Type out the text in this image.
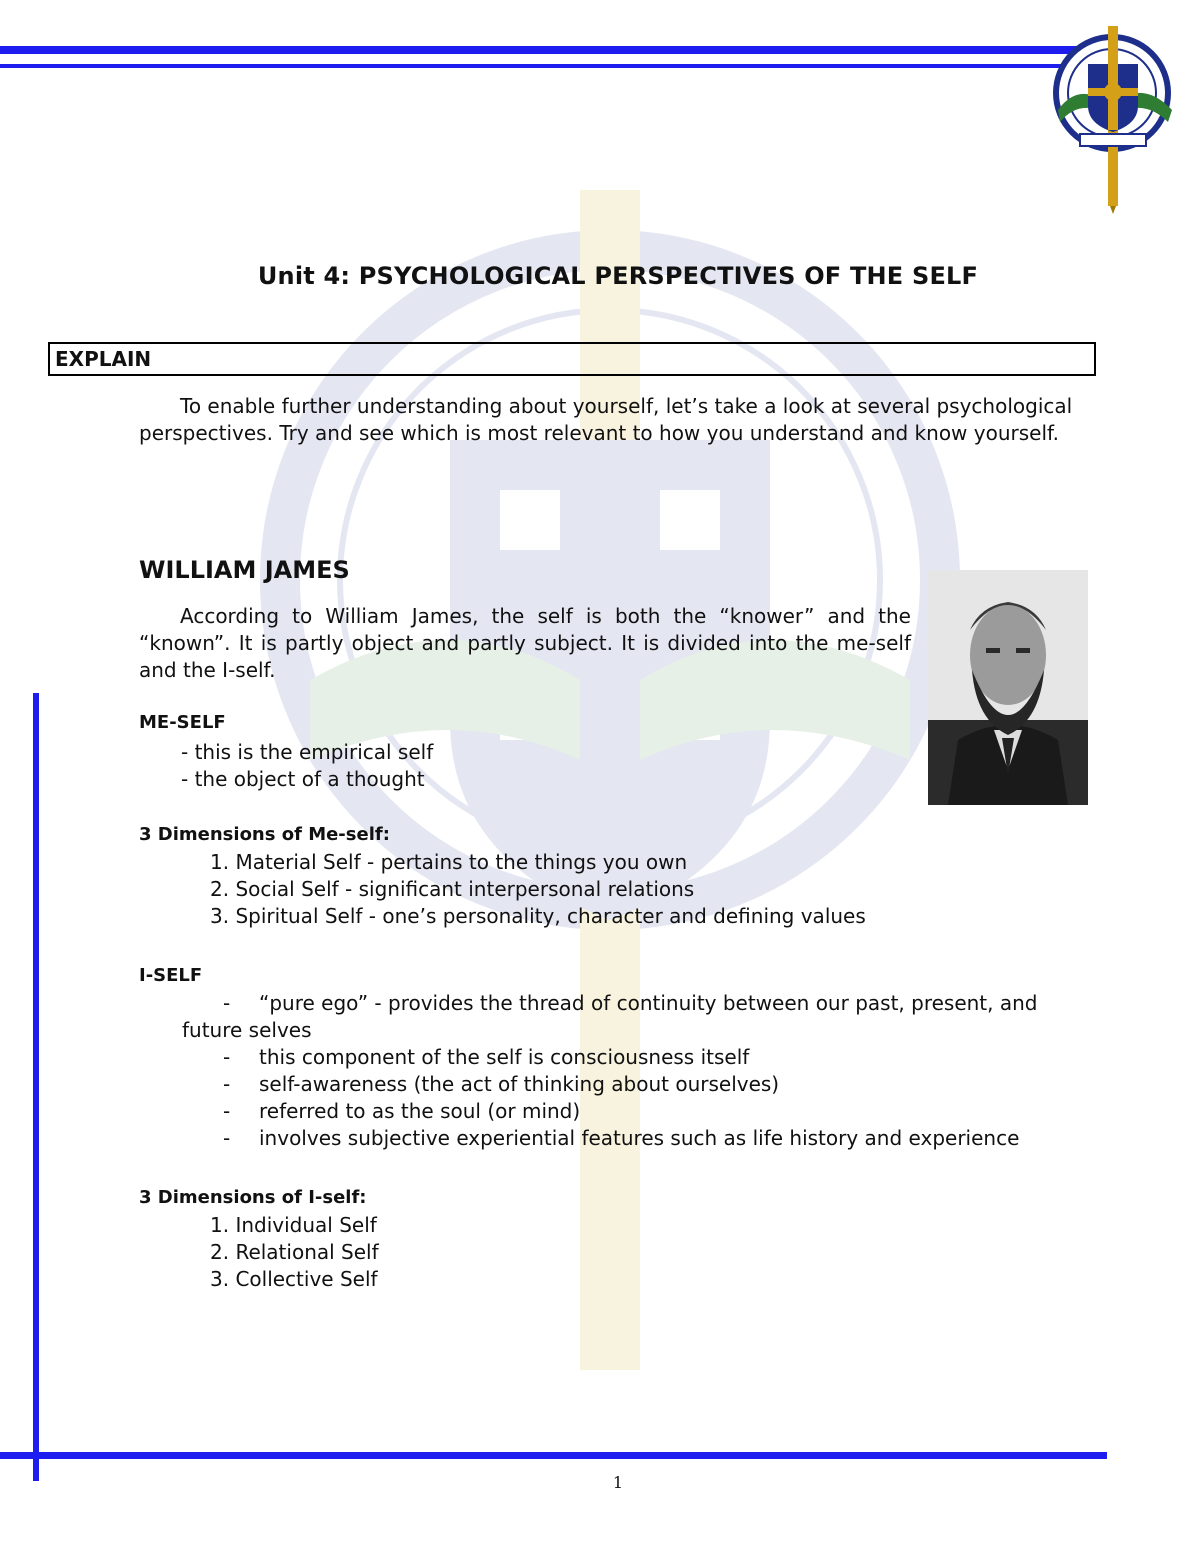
Unit 4: PSYCHOLOGICAL PERSPECTIVES OF THE SELF
EXPLAIN

To enable further understanding about yourself, let’s take a look at several psychological perspectives. Try and see which is most relevant to how you understand and know yourself.

WILLIAM JAMES

According to William James, the self is both the “knower” and the “known”. It is partly object and partly subject. It is divided into the me-self and the I-self.

ME-SELF

- this is the empirical self

- the object of a thought

3 Dimensions of Me-self:

1. Material Self - pertains to the things you own

2. Social Self - significant interpersonal relations

3. Spiritual Self - one’s personality, character and defining values

I-SELF

- “pure ego” - provides the thread of continuity between our past, present, and

future selves

- this component of the self is consciousness itself

- self-awareness (the act of thinking about ourselves)

- referred to as the soul (or mind)

- involves subjective experiential features such as life history and experience

3 Dimensions of I-self:

1. Individual Self

2. Relational Self

3. Collective Self

1
